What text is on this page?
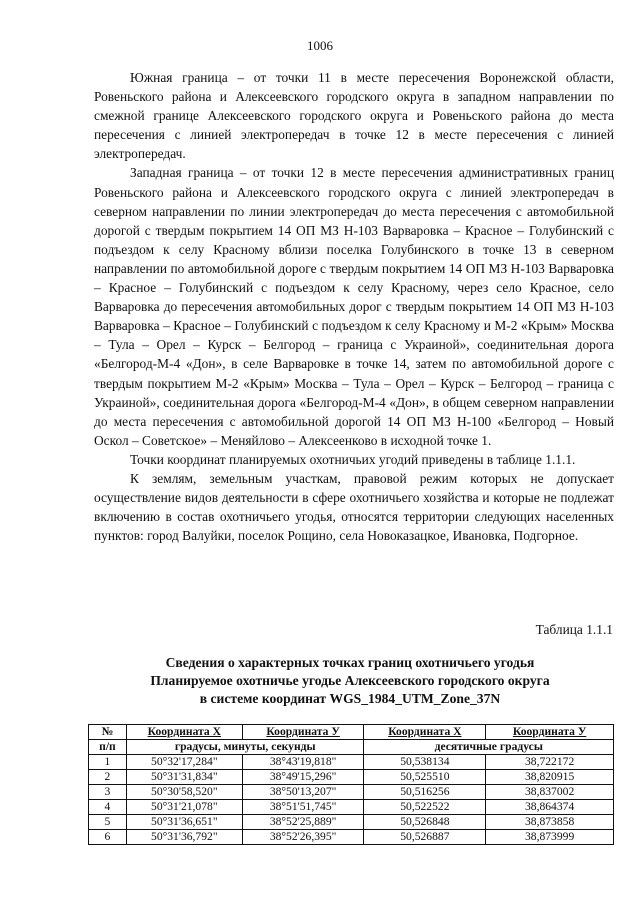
1006

Южная граница – от точки 11 в месте пересечения Воронежской области, Ровеньского района и Алексеевского городского округа в западном направлении по смежной границе Алексеевского городского округа и Ровеньского района до места пересечения с линией электропередач в точке 12 в месте пересечения с линией электропередач.

Западная граница – от точки 12 в месте пересечения административных границ Ровеньского района и Алексеевского городского округа с линией электропередач в северном направлении по линии электропередач до места пересечения с автомобильной дорогой с твердым покрытием 14 ОП МЗ Н-103 Варваровка – Красное – Голубинский с подъездом к селу Красному вблизи поселка Голубинского в точке 13 в северном направлении по автомобильной дороге с твердым покрытием 14 ОП МЗ Н-103 Варваровка – Красное – Голубинский с подъездом к селу Красному, через село Красное, село Варваровка до пересечения автомобильных дорог с твердым покрытием 14 ОП МЗ Н-103 Варваровка – Красное – Голубинский с подъездом к селу Красному и М-2 «Крым» Москва – Тула – Орел – Курск – Белгород – граница с Украиной», соединительная дорога «Белгород-М-4 «Дон», в селе Варваровке в точке 14, затем по автомобильной дороге с твердым покрытием М-2 «Крым» Москва – Тула – Орел – Курск – Белгород – граница с Украиной», соединительная дорога «Белгород-М-4 «Дон», в общем северном направлении до места пересечения с автомобильной дорогой 14 ОП МЗ Н-100 «Белгород – Новый Оскол – Советское» – Меняйлово – Алексеенково в исходной точке 1.

Точки координат планируемых охотничьих угодий приведены в таблице 1.1.1.

К землям, земельным участкам, правовой режим которых не допускает осуществление видов деятельности в сфере охотничьего хозяйства и которые не подлежат включению в состав охотничьего угодья, относятся территории следующих населенных пунктов: город Валуйки, поселок Рощино, села Новоказацкое, Ивановка, Подгорное.

Таблица 1.1.1
Сведения о характерных точках границ охотничьего угодья
Планируемое охотничье угодье Алексеевского городского округа
в системе координат WGS_1984_UTM_Zone_37N
№	Координата X	Координата У	Координата X	Координата У
п/п	градусы, минуты, секунды		десятичные градусы	
1	50°32'17,284"	38°43'19,818"	50,538134	38,722172
2	50°31'31,834"	38°49'15,296"	50,525510	38,820915
3	50°30'58,520"	38°50'13,207"	50,516256	38,837002
4	50°31'21,078"	38°51'51,745"	50,522522	38,864374
5	50°31'36,651"	38°52'25,889"	50,526848	38,873858
6	50°31'36,792"	38°52'26,395"	50,526887	38,873999
